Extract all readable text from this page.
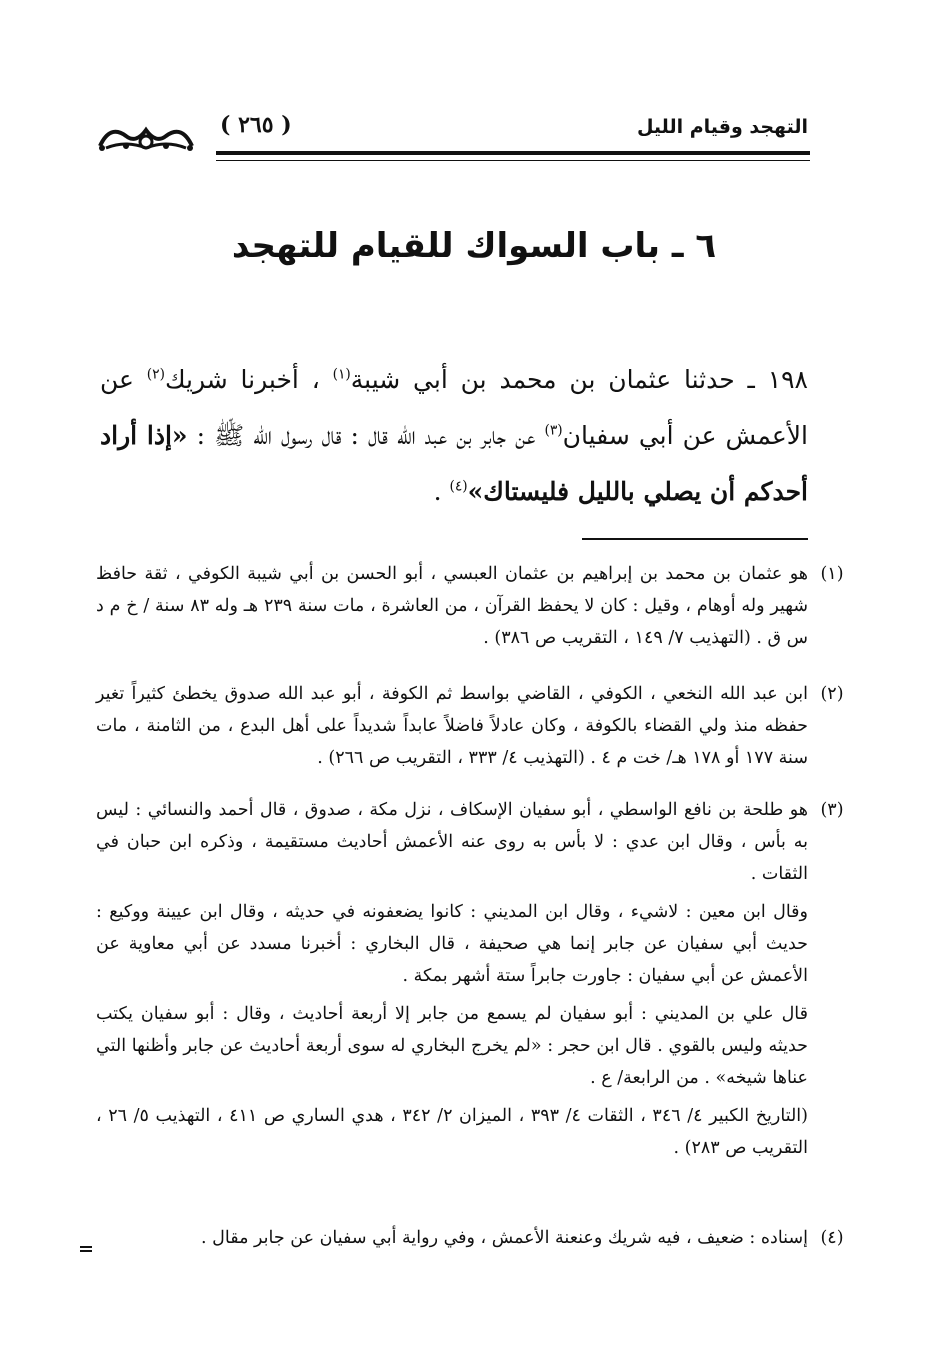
التهجد وقيام الليل
( ٢٦٥ )
٦ ـ باب السواك للقيام للتهجد
١٩٨ ـ حدثنا عثمان بن محمد بن أبي شيبة$^{(١)}$ ، أخبرنا شريك$^{(٢)}$ عن الأعمش عن أبي سفيان$^{(٣)}$ عن جابر بن عبد الله قال : قال رسول الله ﷺ : «إذا أراد أحدكم أن يصلي بالليل فليستاك»$^{(٤)}$ .
(١)

هو عثمان بن محمد بن إبراهيم بن عثمان العبسي ، أبو الحسن بن أبي شيبة الكوفي ، ثقة حافظ شهير وله أوهام ، وقيل : كان لا يحفظ القرآن ، من العاشرة ، مات سنة ٢٣٩ هـ وله ٨٣ سنة / خ م د س ق . (التهذيب ٧/ ١٤٩ ، التقريب ص ٣٨٦) .

(٢)

ابن عبد الله النخعي ، الكوفي ، القاضي بواسط ثم الكوفة ، أبو عبد الله صدوق يخطئ كثيراً تغير حفظه منذ ولي القضاء بالكوفة ، وكان عادلاً فاضلاً عابداً شديداً على أهل البدع ، من الثامنة ، مات سنة ١٧٧ أو ١٧٨ هـ/ خت م ٤ . (التهذيب ٤/ ٣٣٣ ، التقريب ص ٢٦٦) .

(٣)

هو طلحة بن نافع الواسطي ، أبو سفيان الإسكاف ، نزل مكة ، صدوق ، قال أحمد والنسائي : ليس به بأس ، وقال ابن عدي : لا بأس به روى عنه الأعمش أحاديث مستقيمة ، وذكره ابن حبان في الثقات .

وقال ابن معين : لاشيء ، وقال ابن المديني : كانوا يضعفونه في حديثه ، وقال ابن عيينة ووكيع : حديث أبي سفيان عن جابر إنما هي صحيفة ، قال البخاري : أخبرنا مسدد عن أبي معاوية عن الأعمش عن أبي سفيان : جاورت جابراً ستة أشهر بمكة .

قال علي بن المديني : أبو سفيان لم يسمع من جابر إلا أربعة أحاديث ، وقال : أبو سفيان يكتب حديثه وليس بالقوي . قال ابن حجر : «لم يخرج البخاري له سوى أربعة أحاديث عن جابر وأظنها التي عناها شيخه» . من الرابعة/ ع .

(التاريخ الكبير ٤/ ٣٤٦ ، الثقات ٤/ ٣٩٣ ، الميزان ٢/ ٣٤٢ ، هدي الساري ص ٤١١ ، التهذيب ٥/ ٢٦ ، التقريب ص ٢٨٣) .

(٤)

إسناده : ضعيف ، فيه شريك وعنعنة الأعمش ، وفي رواية أبي سفيان عن جابر مقال .
